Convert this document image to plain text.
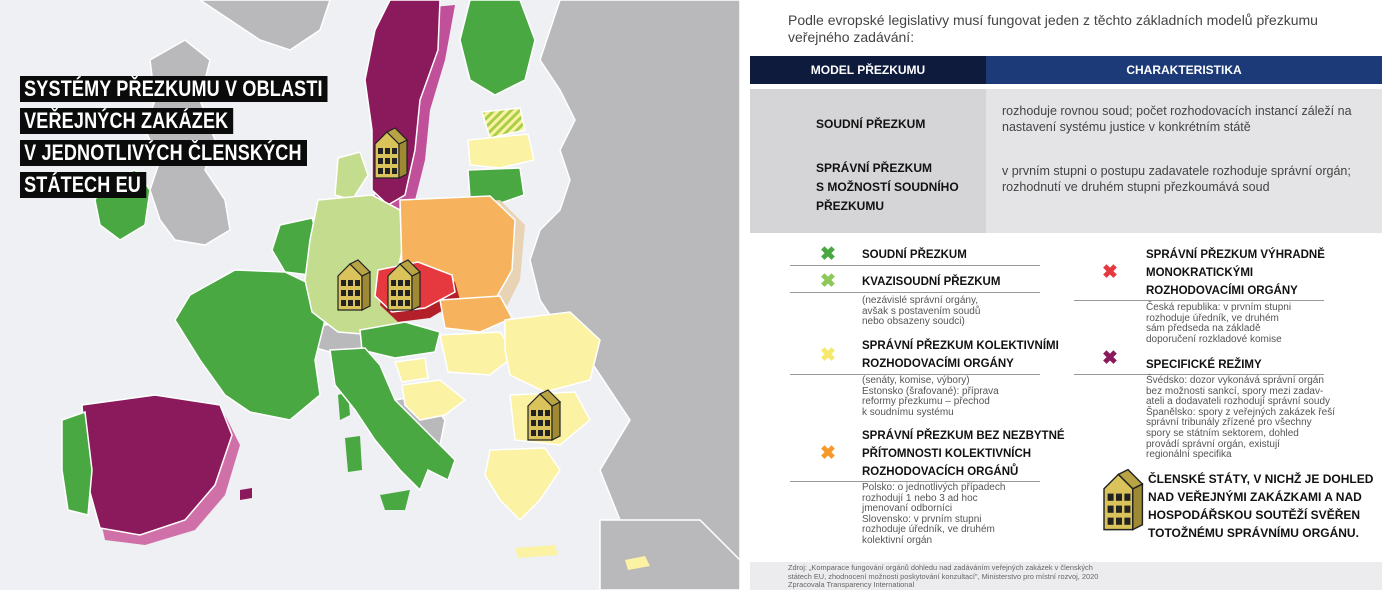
SYSTÉMY PŘEZKUMU V OBLASTI
VEŘEJNÝCH ZAKÁZEK
V JEDNOTLIVÝCH ČLENSKÝCH
STÁTECH EU
Podle evropské legislativy musí fungovat jeden z těchto základních modelů přezkumu veřejného zadávání:
MODEL PŘEZKUMU	CHARAKTERISTIKA
SOUDNÍ PŘEZKUM
rozhoduje rovnou soud; počet rozhodovacích instancí záleží na nastavení systému justice v konkrétním státě
SPRÁVNÍ PŘEZKUM
S MOŽNOSTÍ SOUDNÍHO
PŘEZKUMU
v prvním stupni o postupu zadavatele rozhoduje správní orgán; rozhodnutí ve druhém stupni přezkoumává soud
✖ SOUDNÍ PŘEZKUM
✖ KVAZISOUDNÍ PŘEZKUM
(nezávislé správní orgány,
avšak s postavením soudů
nebo obsazeny soudci)
✖ SPRÁVNÍ PŘEZKUM KOLEKTIVNÍMI
ROZHODOVACÍMI ORGÁNY
(senáty, komise, výbory)
Estonsko (šrafované): příprava
reformy přezkumu – přechod
k soudnímu systému
✖
SPRÁVNÍ PŘEZKUM BEZ NEZBYTNÉ
PŘÍTOMNOSTI KOLEKTIVNÍCH
ROZHODOVACÍCH ORGÁNŮ
Polsko: o jednotlivých případech
rozhodují 1 nebo 3 ad hoc
jmenovaní odborníci
Slovensko: v prvním stupni
rozhoduje úředník, ve druhém
kolektivní orgán
✖
SPRÁVNÍ PŘEZKUM VÝHRADNĚ
MONOKRATICKÝMI
ROZHODOVACÍMI ORGÁNY
Česká republika: v prvním stupni
rozhoduje úředník, ve druhém
sám předseda na základě
doporučení rozkladové komise
✖ SPECIFICKÉ REŽIMY
Švédsko: dozor vykonává správní orgán
bez možnosti sankcí, spory mezi zadav-
ateli a dodavateli rozhodují správní soudy
Španělsko: spory z veřejných zakázek řeší
správní tribunály zřízené pro všechny
spory se státním sektorem, dohled
provádí správní orgán, existují
regionální specifika
ČLENSKÉ STÁTY, V NICHŽ JE DOHLED
NAD VEŘEJNÝMI ZAKÁZKAMI A NAD
HOSPODÁŘSKOU SOUTĚŽÍ SVĚŘEN
TOTOŽNÉMU SPRÁVNÍMU ORGÁNU.
Zdroj: „Komparace fungování orgánů dohledu nad zadáváním veřejných zakázek v členských
státech EU, zhodnocení možnosti poskytování konzultací", Ministerstvo pro místní rozvoj, 2020
Zpracovala Transparency International
